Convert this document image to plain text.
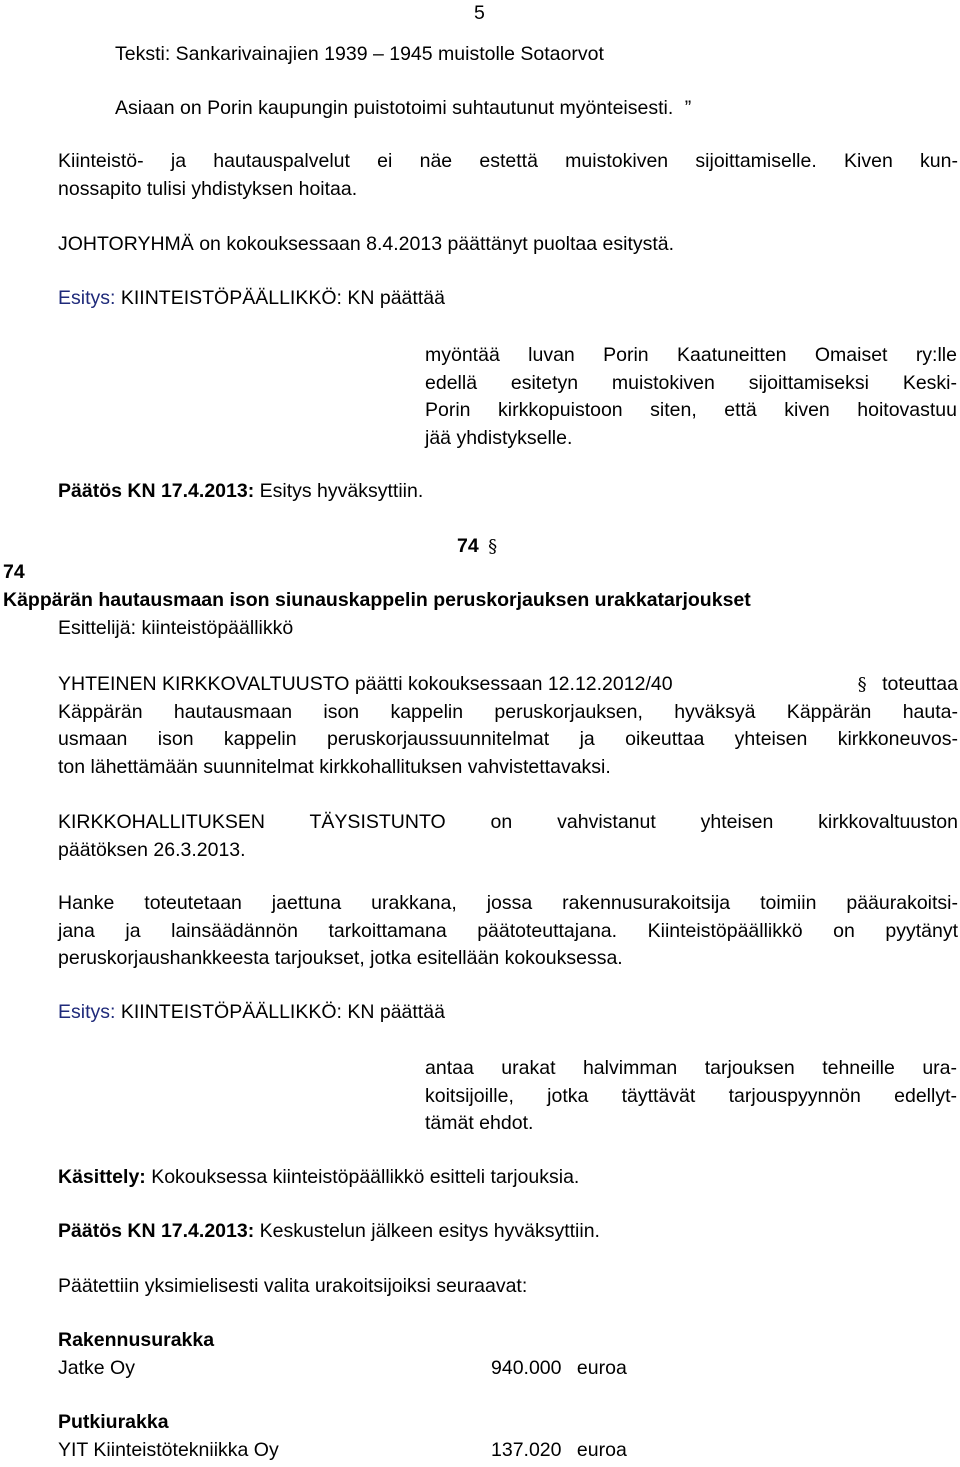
5
Teksti: Sankarivainajien 1939 – 1945 muistolle Sotaorvot
Asiaan on Porin kaupungin puistotoimi suhtautunut myönteisesti. ”
Kiinteistö- ja hautauspalvelut ei näe estettä muistokiven sijoittamiselle. Kiven kun-
nossapito tulisi yhdistyksen hoitaa.
JOHTORYHMÄ on kokouksessaan 8.4.2013 päättänyt puoltaa esitystä.
Esitys: KIINTEISTÖPÄÄLLIKKÖ: KN päättää
myöntää luvan Porin Kaatuneitten Omaiset ry:lle
edellä esitetyn muistokiven sijoittamiseksi Keski-
Porin kirkkopuistoon siten, että kiven hoitovastuu
jää yhdistykselle.
Päätös KN 17.4.2013: Esitys hyväksyttiin.
74 §
74
Käppärän hautausmaan ison siunauskappelin peruskorjauksen urakkatarjoukset
Esittelijä: kiinteistöpäällikkö
YHTEINEN KIRKKOVALTUUSTO päätti kokouksessaan 12.12.2012/40	§ toteuttaa
Käppärän hautausmaan ison kappelin peruskorjauksen, hyväksyä Käppärän hauta-
usmaan ison kappelin peruskorjaussuunnitelmat ja oikeuttaa yhteisen kirkkoneuvos-
ton lähettämään suunnitelmat kirkkohallituksen vahvistettavaksi.
KIRKKOHALLITUKSEN TÄYSISTUNTO on vahvistanut yhteisen kirkkovaltuuston
päätöksen 26.3.2013.
Hanke toteutetaan jaettuna urakkana, jossa rakennusurakoitsija toimiin pääurakoitsi-
jana ja lainsäädännön tarkoittamana päätoteuttajana. Kiinteistöpäällikkö on pyytänyt
peruskorjaushankkeesta tarjoukset, jotka esitellään kokouksessa.
Esitys: KIINTEISTÖPÄÄLLIKKÖ: KN päättää
antaa urakat halvimman tarjouksen tehneille ura-
koitsijoille, jotka täyttävät tarjouspyynnön edellyt-
tämät ehdot.
Käsittely: Kokouksessa kiinteistöpäällikkö esitteli tarjouksia.
Päätös KN 17.4.2013: Keskustelun jälkeen esitys hyväksyttiin.
Päätettiin yksimielisesti valita urakoitsijoiksi seuraavat:
Rakennusurakka
Jatke Oy	940.000 euroa
Putkiurakka
YIT Kiinteistötekniikka Oy	137.020 euroa
